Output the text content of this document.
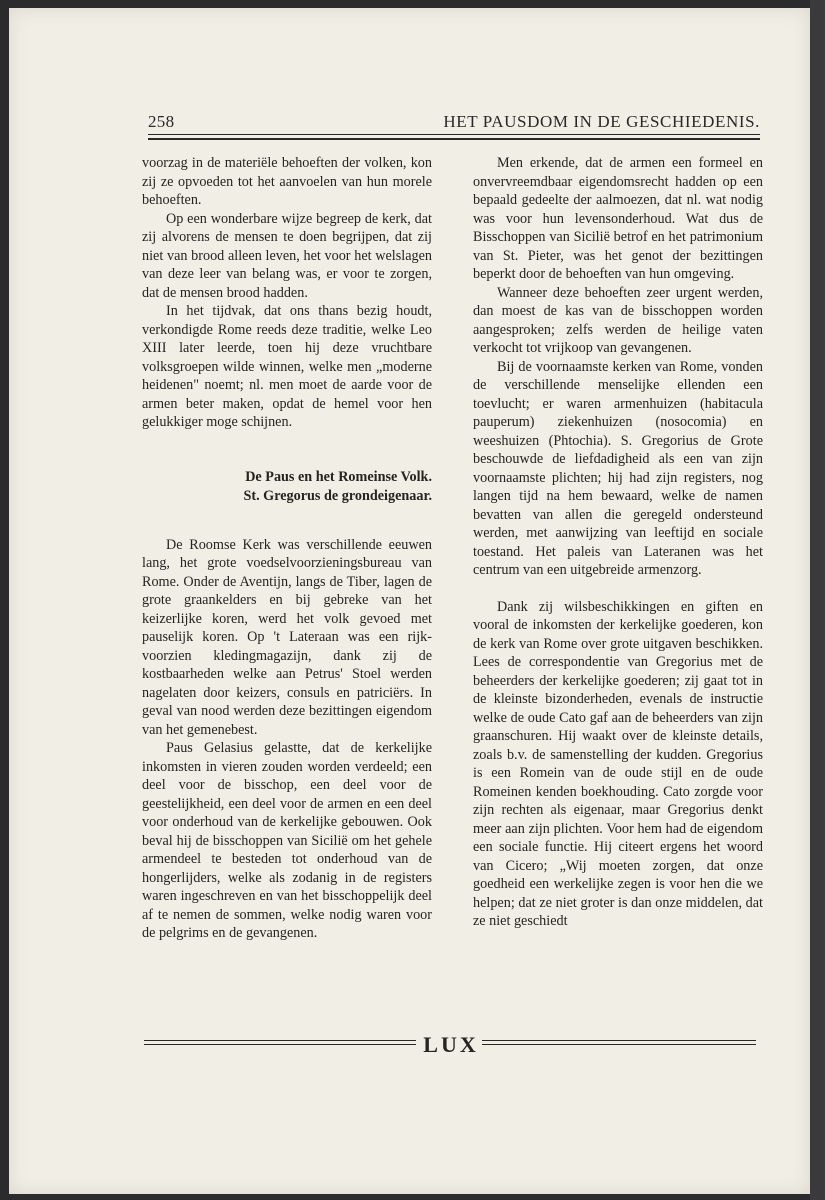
258	HET PAUSDOM IN DE GESCHIEDENIS.

voorzag in de materiële behoeften der volken, kon zij ze opvoeden tot het aanvoelen van hun morele behoeften.

Op een wonderbare wijze begreep de kerk, dat zij alvorens de mensen te doen begrijpen, dat zij niet van brood alleen leven, het voor het welslagen van deze leer van belang was, er voor te zorgen, dat de mensen brood hadden.

In het tijdvak, dat ons thans bezig houdt, verkondigde Rome reeds deze traditie, welke Leo XIII later leerde, toen hij deze vruchtbare volksgroepen wilde winnen, welke men „moderne heidenen" noemt; nl. men moet de aarde voor de armen beter maken, opdat de hemel voor hen gelukkiger moge schijnen.

De Paus en het Romeinse Volk.
St. Gregorus de grondeigenaar.

De Roomse Kerk was verschillende eeuwen lang, het grote voedselvoorzieningsbureau van Rome. Onder de Aventijn, langs de Tiber, lagen de grote graankelders en bij gebreke van het keizerlijke koren, werd het volk gevoed met pauselijk koren. Op 't Lateraan was een rijk-voorzien kledingmagazijn, dank zij de kostbaarheden welke aan Petrus' Stoel werden nagelaten door keizers, consuls en patriciërs. In geval van nood werden deze bezittingen eigendom van het gemenebest.

Paus Gelasius gelastte, dat de kerkelijke inkomsten in vieren zouden worden verdeeld; een deel voor de bisschop, een deel voor de geestelijkheid, een deel voor de armen en een deel voor onderhoud van de kerkelijke gebouwen. Ook beval hij de bisschoppen van Sicilië om het gehele armendeel te besteden tot onderhoud van de hongerlijders, welke als zodanig in de registers waren ingeschreven en van het bisschoppelijk deel af te nemen de sommen, welke nodig waren voor de pelgrims en de gevangenen.

Men erkende, dat de armen een formeel en onvervreemdbaar eigendomsrecht hadden op een bepaald gedeelte der aalmoezen, dat nl. wat nodig was voor hun levensonderhoud. Wat dus de Bisschoppen van Sicilië betrof en het patrimonium van St. Pieter, was het genot der bezittingen beperkt door de behoeften van hun omgeving.

Wanneer deze behoeften zeer urgent werden, dan moest de kas van de bisschoppen worden aangesproken; zelfs werden de heilige vaten verkocht tot vrijkoop van gevangenen.

Bij de voornaamste kerken van Rome, vonden de verschillende menselijke ellenden een toevlucht; er waren armenhuizen (habitacula pauperum) ziekenhuizen (nosocomia) en weeshuizen (Phtochia). S. Gregorius de Grote beschouwde de liefdadigheid als een van zijn voornaamste plichten; hij had zijn registers, nog langen tijd na hem bewaard, welke de namen bevatten van allen die geregeld ondersteund werden, met aanwijzing van leeftijd en sociale toestand. Het paleis van Lateranen was het centrum van een uitgebreide armenzorg.

Dank zij wilsbeschikkingen en giften en vooral de inkomsten der kerkelijke goederen, kon de kerk van Rome over grote uitgaven beschikken. Lees de correspondentie van Gregorius met de beheerders der kerkelijke goederen; zij gaat tot in de kleinste bizonderheden, evenals de instructie welke de oude Cato gaf aan de beheerders van zijn graanschuren. Hij waakt over de kleinste details, zoals b.v. de samenstelling der kudden. Gregorius is een Romein van de oude stijl en de oude Romeinen kenden boekhouding. Cato zorgde voor zijn rechten als eigenaar, maar Gregorius denkt meer aan zijn plichten. Voor hem had de eigendom een sociale functie. Hij citeert ergens het woord van Cicero; „Wij moeten zorgen, dat onze goedheid een werkelijke zegen is voor hen die we helpen; dat ze niet groter is dan onze middelen, dat ze niet geschiedt

LUX
